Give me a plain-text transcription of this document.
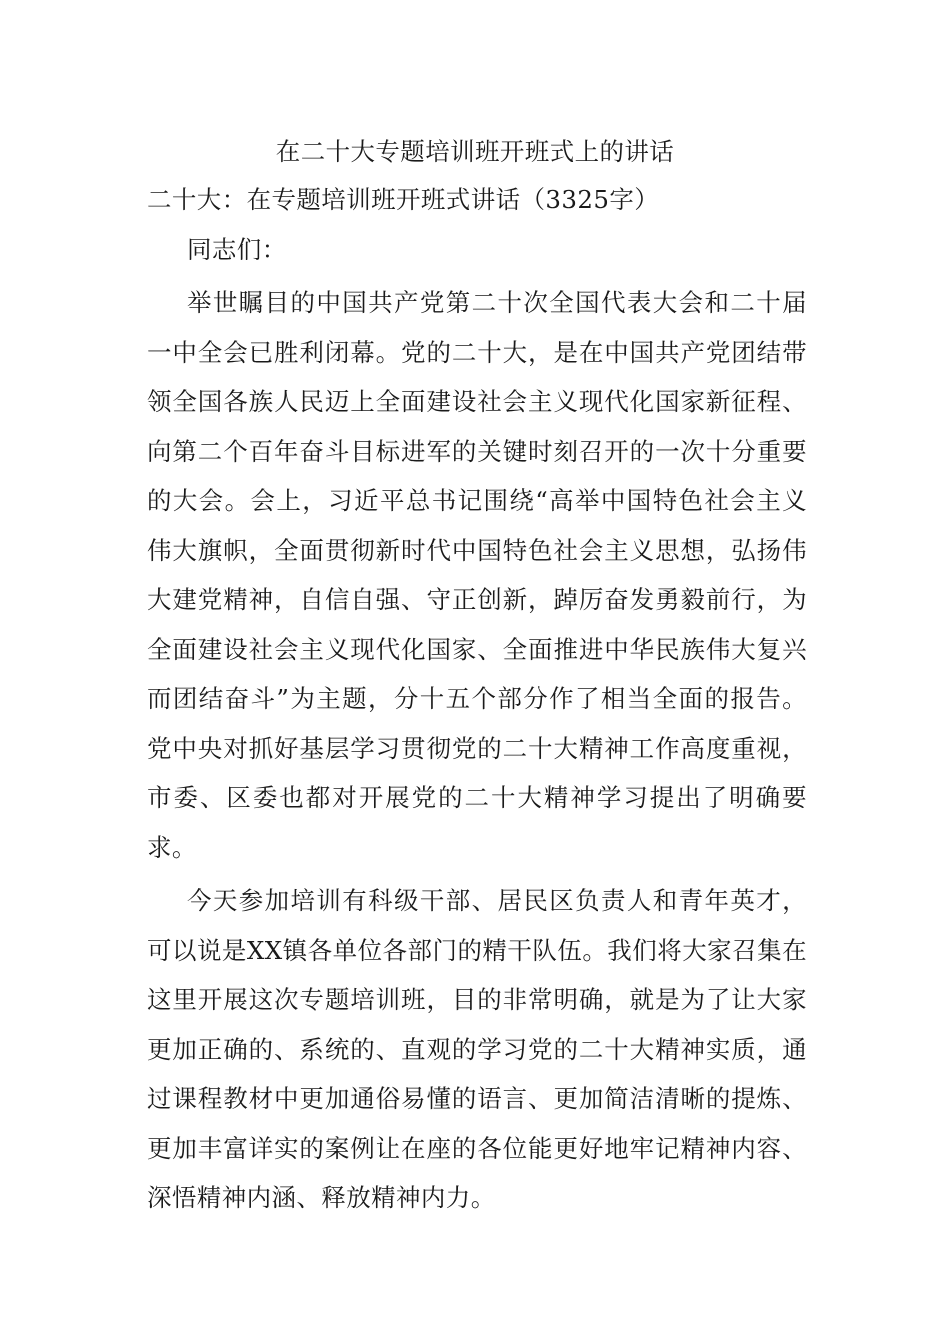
在二十大专题培训班开班式上的讲话
二十大：在专题培训班开班式讲话（3325字）
同志们：

举世瞩目的中国共产党第二十次全国代表大会和二十届一中全会已胜利闭幕。党的二十大，是在中国共产党团结带领全国各族人民迈上全面建设社会主义现代化国家新征程、向第二个百年奋斗目标进军的关键时刻召开的一次十分重要的大会。会上，习近平总书记围绕“高举中国特色社会主义伟大旗帜，全面贯彻新时代中国特色社会主义思想，弘扬伟大建党精神，自信自强、守正创新，踔厉奋发勇毅前行，为全面建设社会主义现代化国家、全面推进中华民族伟大复兴而团结奋斗”为主题，分十五个部分作了相当全面的报告。党中央对抓好基层学习贯彻党的二十大精神工作高度重视，市委、区委也都对开展党的二十大精神学习提出了明确要求。

今天参加培训有科级干部、居民区负责人和青年英才，可以说是XX镇各单位各部门的精干队伍。我们将大家召集在这里开展这次专题培训班，目的非常明确，就是为了让大家更加正确的、系统的、直观的学习党的二十大精神实质，通过课程教材中更加通俗易懂的语言、更加简洁清晰的提炼、更加丰富详实的案例让在座的各位能更好地牢记精神内容、深悟精神内涵、释放精神内力。
